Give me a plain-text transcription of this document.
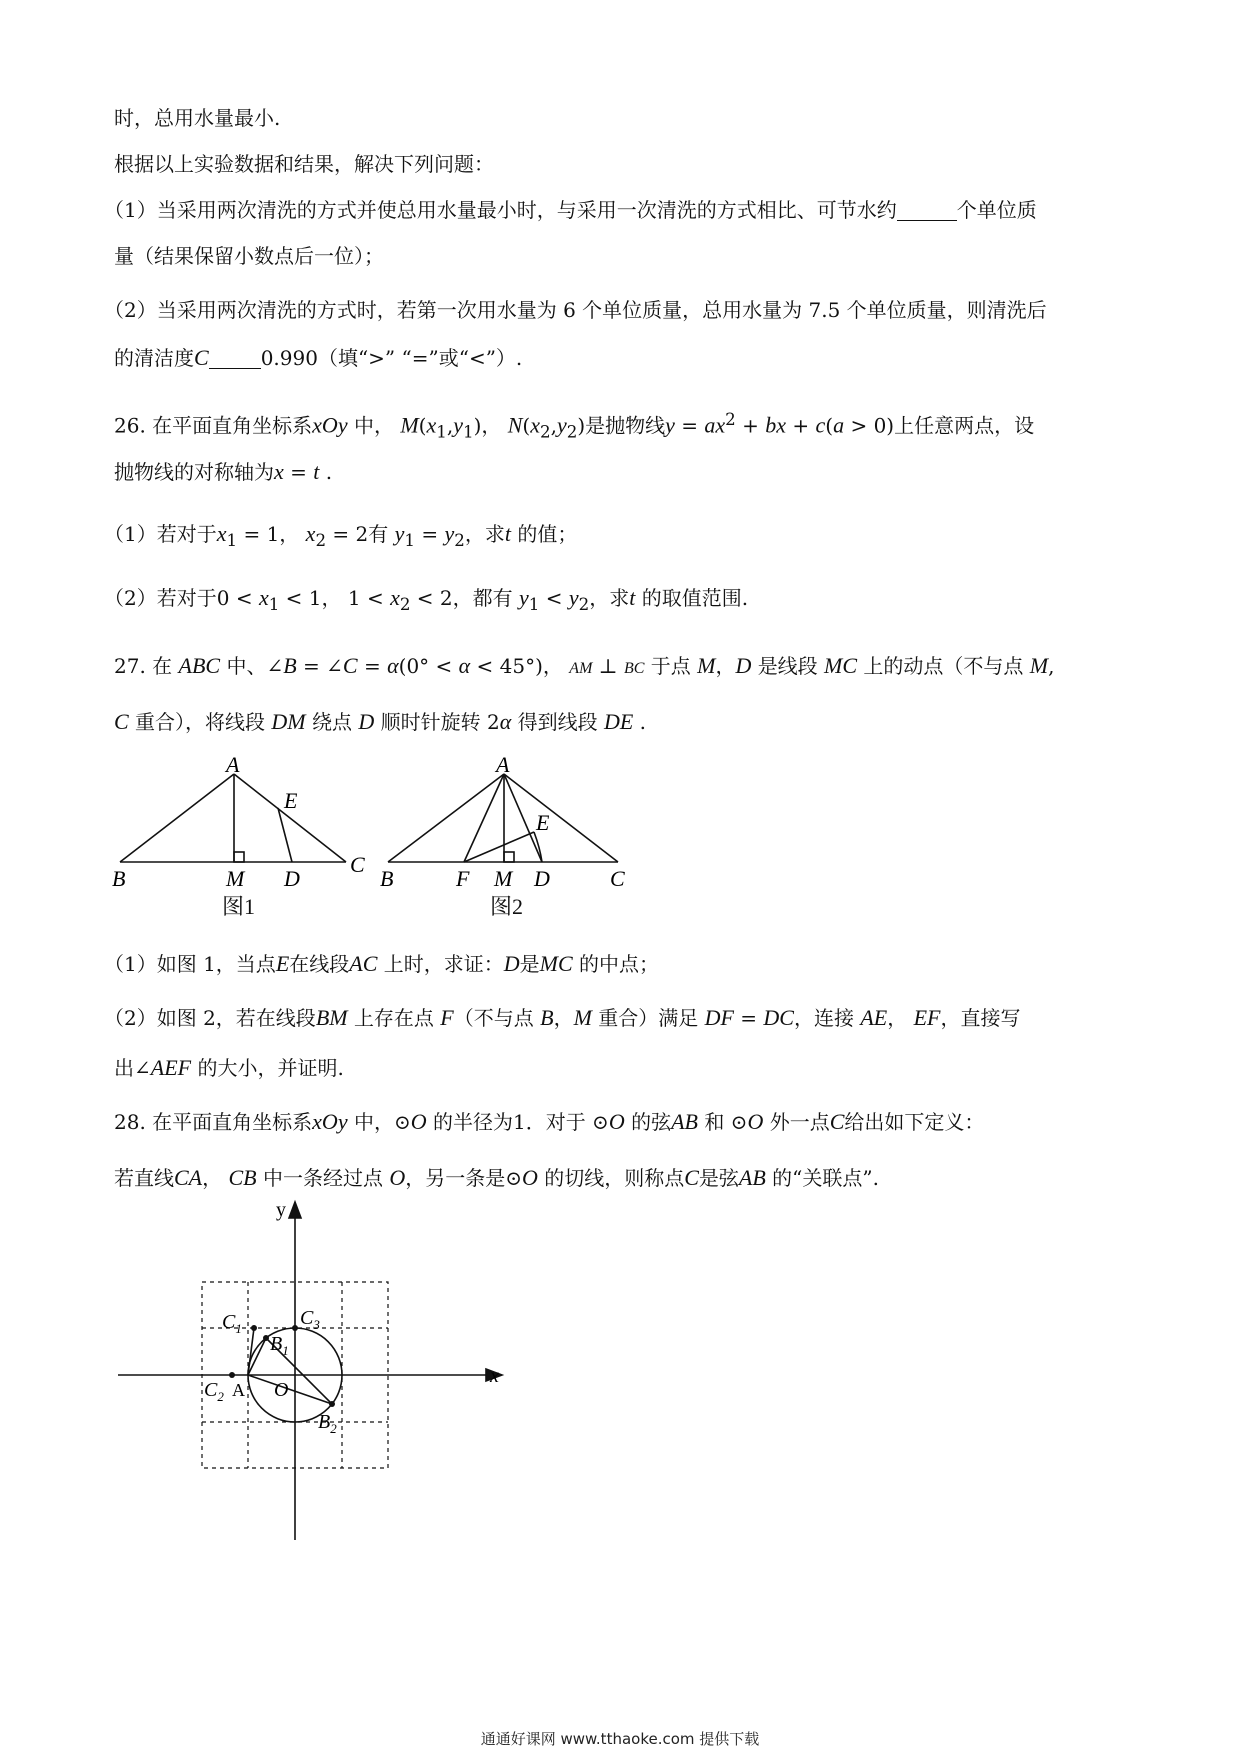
时，总用水量最小.
根据以上实验数据和结果，解决下列问题：
（1）当采用两次清洗的方式并使总用水量最小时，与采用一次清洗的方式相比、可节水约	个单位质
量（结果保留小数点后一位）；
（2）当采用两次清洗的方式时，若第一次用水量为 6 个单位质量，总用水量为 7.5 个单位质量，则清洗后
的清洁度C	0.990（填“>” “=”或“<”）.
26. 在平面直角坐标系xOy 中， $M(x_1,y_1)$， $N(x_2,y_2)$是抛物线$y = ax^2$ + bx + c(a > 0)上任意两点，设
抛物线的对称轴为x = t .
（1）若对于$x_1 = 1$， $x_2 = 2$有 $y_1 = y_2$，求t 的值；
（2）若对于$0 < x_1 < 1$， $1 < x_2 < 2$，都有 $y_1 < y_2$，求t 的取值范围.
27. 在 ABC 中、∠B = ∠C = α(0° < α < 45°)， AM ⊥ BC 于点 M，D 是线段 MC 上的动点（不与点 M,
C 重合），将线段 DM 绕点 D 顺时针旋转 2α 得到线段 DE .
A
E
B	M D
C
图1
A
E
B	F M D	C
图2
（1）如图 1，当点E在线段AC 上时，求证：D是MC 的中点；
（2）如图 2，若在线段BM 上存在点 F（不与点 B，M 重合）满足 DF = DC，连接 AE， EF，直接写
出∠AEF 的大小，并证明.
28. 在平面直角坐标系xOy 中，⊙O 的半径为1．对于 ⊙O 的弦AB 和 ⊙O 外一点C给出如下定义：
若直线CA， CB 中一条经过点 O，另一条是⊙O 的切线，则称点C是弦AB 的“关联点”.
y
x
$C_3$
$C_1$
$B_1$
$C_2$ A O
$B_2$
通通好课网 www.tthaoke.com 提供下载
